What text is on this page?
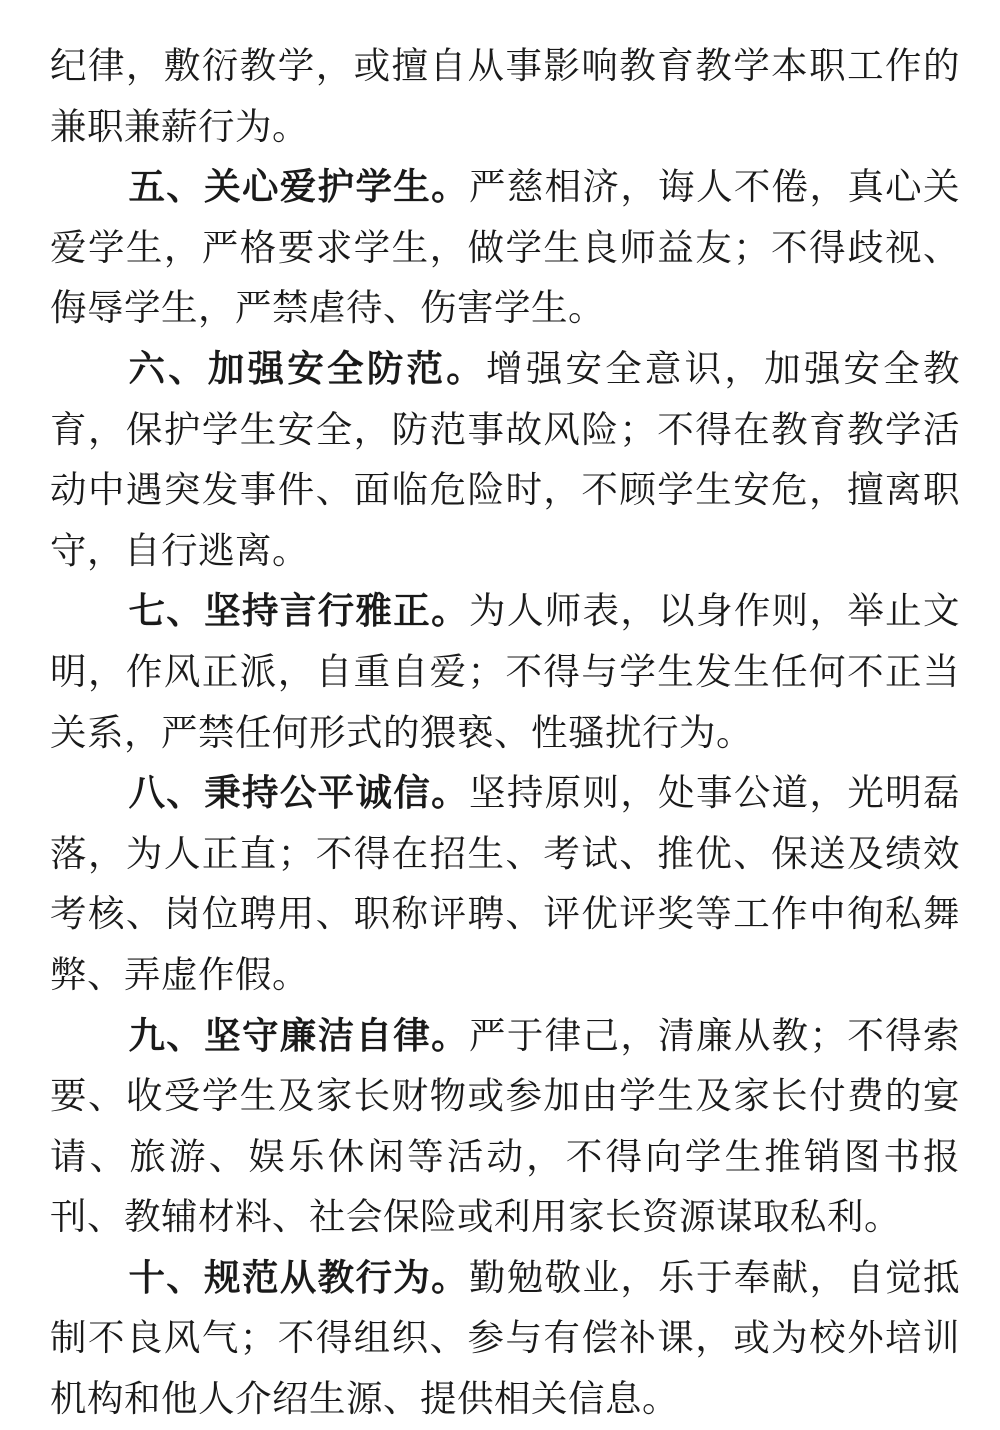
纪律，敷衍教学，或擅自从事影响教育教学本职工作的兼职兼薪行为。

五、关心爱护学生。严慈相济，诲人不倦，真心关爱学生，严格要求学生，做学生良师益友；不得歧视、侮辱学生，严禁虐待、伤害学生。

六、加强安全防范。增强安全意识，加强安全教育，保护学生安全，防范事故风险；不得在教育教学活动中遇突发事件、面临危险时，不顾学生安危，擅离职守，自行逃离。

七、坚持言行雅正。为人师表，以身作则，举止文明，作风正派，自重自爱；不得与学生发生任何不正当关系，严禁任何形式的猥亵、性骚扰行为。

八、秉持公平诚信。坚持原则，处事公道，光明磊落，为人正直；不得在招生、考试、推优、保送及绩效考核、岗位聘用、职称评聘、评优评奖等工作中徇私舞弊、弄虚作假。

九、坚守廉洁自律。严于律己，清廉从教；不得索要、收受学生及家长财物或参加由学生及家长付费的宴请、旅游、娱乐休闲等活动，不得向学生推销图书报刊、教辅材料、社会保险或利用家长资源谋取私利。

十、规范从教行为。勤勉敬业，乐于奉献，自觉抵制不良风气；不得组织、参与有偿补课，或为校外培训机构和他人介绍生源、提供相关信息。
